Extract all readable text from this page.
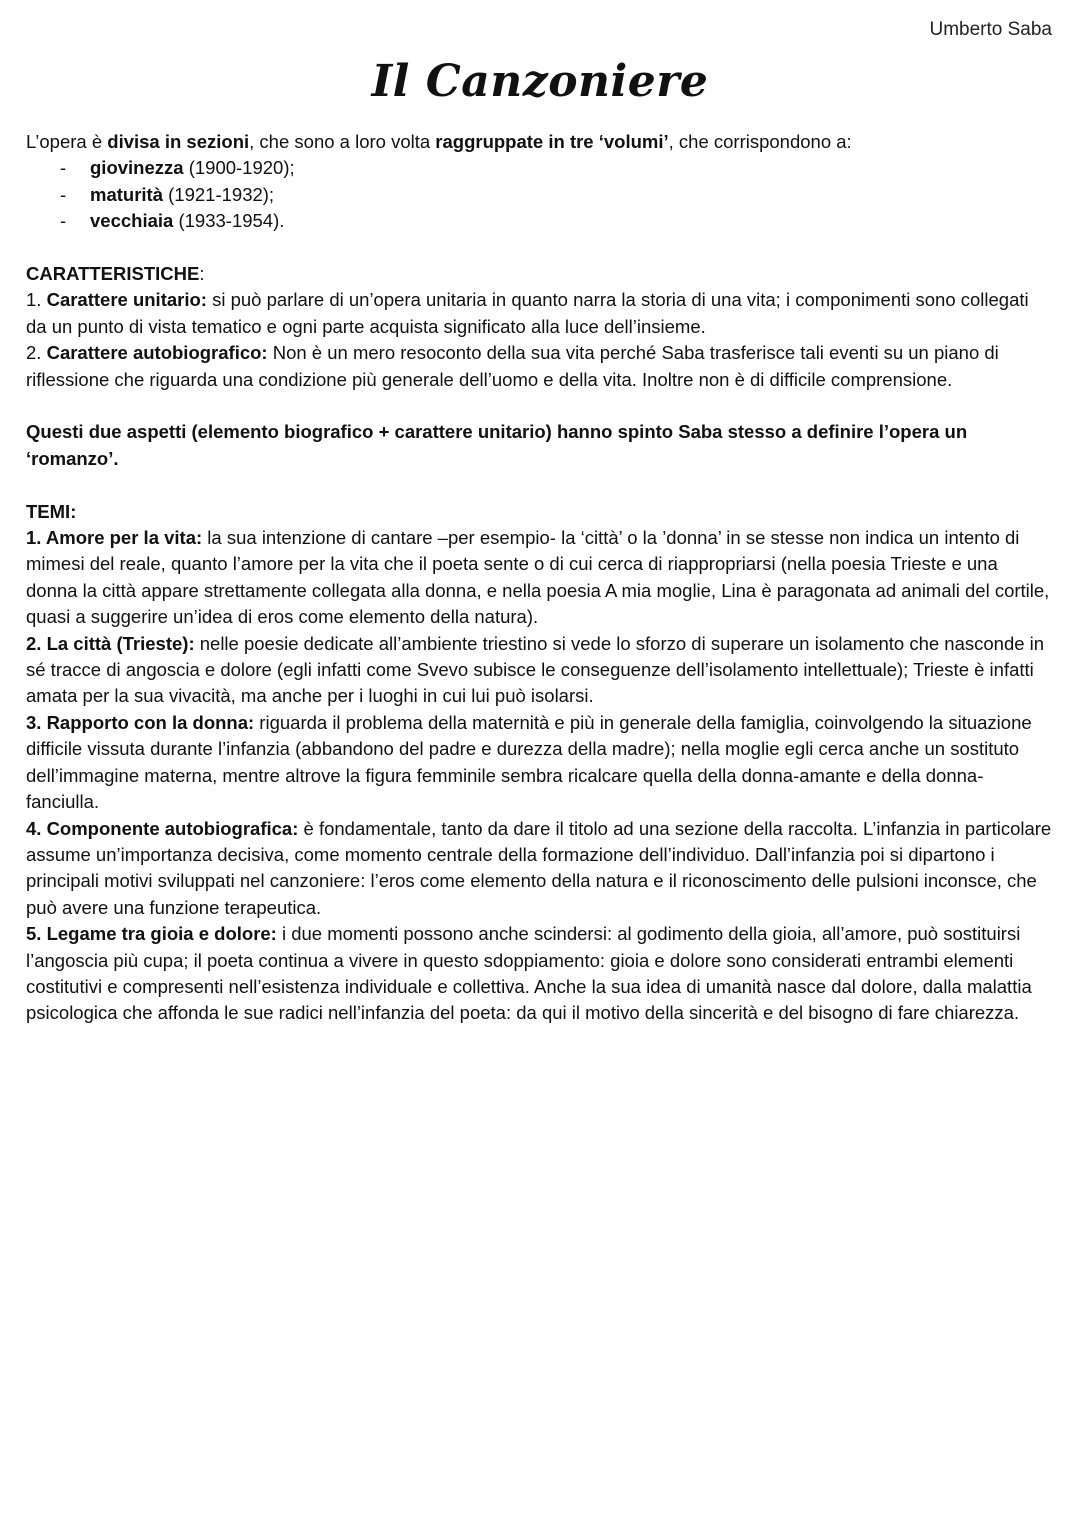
Umberto Saba
Il Canzoniere

L’opera è divisa in sezioni, che sono a loro volta raggruppate in tre ‘volumi’, che corrispondono a:

- giovinezza (1900-1920);
- maturità (1921-1932);
- vecchiaia (1933-1954).

CARATTERISTICHE:

1. Carattere unitario: si può parlare di un’opera unitaria in quanto narra la storia di una vita; i componimenti sono collegati da un punto di vista tematico e ogni parte acquista significato alla luce dell’insieme.

2. Carattere autobiografico: Non è un mero resoconto della sua vita perché Saba trasferisce tali eventi su un piano di riflessione che riguarda una condizione più generale dell’uomo e della vita. Inoltre non è di difficile comprensione.

Questi due aspetti (elemento biografico + carattere unitario) hanno spinto Saba stesso a definire l’opera un ‘romanzo’.

TEMI:

1. Amore per la vita: la sua intenzione di cantare –per esempio- la ‘città’ o la ’donna’ in se stesse non indica un intento di mimesi del reale, quanto l’amore per la vita che il poeta sente o di cui cerca di riappropriarsi (nella poesia Trieste e una donna la città appare strettamente collegata alla donna, e nella poesia A mia moglie, Lina è paragonata ad animali del cortile, quasi a suggerire un’idea di eros come elemento della natura).

2. La città (Trieste): nelle poesie dedicate all’ambiente triestino si vede lo sforzo di superare un isolamento che nasconde in sé tracce di angoscia e dolore (egli infatti come Svevo subisce le conseguenze dell’isolamento intellettuale); Trieste è infatti amata per la sua vivacità, ma anche per i luoghi in cui lui può isolarsi.

3. Rapporto con la donna: riguarda il problema della maternità e più in generale della famiglia, coinvolgendo la situazione difficile vissuta durante l’infanzia (abbandono del padre e durezza della madre); nella moglie egli cerca anche un sostituto dell’immagine materna, mentre altrove la figura femminile sembra ricalcare quella della donna-amante e della donna-fanciulla.

4. Componente autobiografica: è fondamentale, tanto da dare il titolo ad una sezione della raccolta. L’infanzia in particolare assume un’importanza decisiva, come momento centrale della formazione dell’individuo. Dall’infanzia poi si dipartono i principali motivi sviluppati nel canzoniere: l’eros come elemento della natura e il riconoscimento delle pulsioni inconsce, che può avere una funzione terapeutica.

5. Legame tra gioia e dolore: i due momenti possono anche scindersi: al godimento della gioia, all’amore, può sostituirsi l’angoscia più cupa; il poeta continua a vivere in questo sdoppiamento: gioia e dolore sono considerati entrambi elementi costitutivi e compresenti nell’esistenza individuale e collettiva. Anche la sua idea di umanità nasce dal dolore, dalla malattia psicologica che affonda le sue radici nell’infanzia del poeta: da qui il motivo della sincerità e del bisogno di fare chiarezza.
